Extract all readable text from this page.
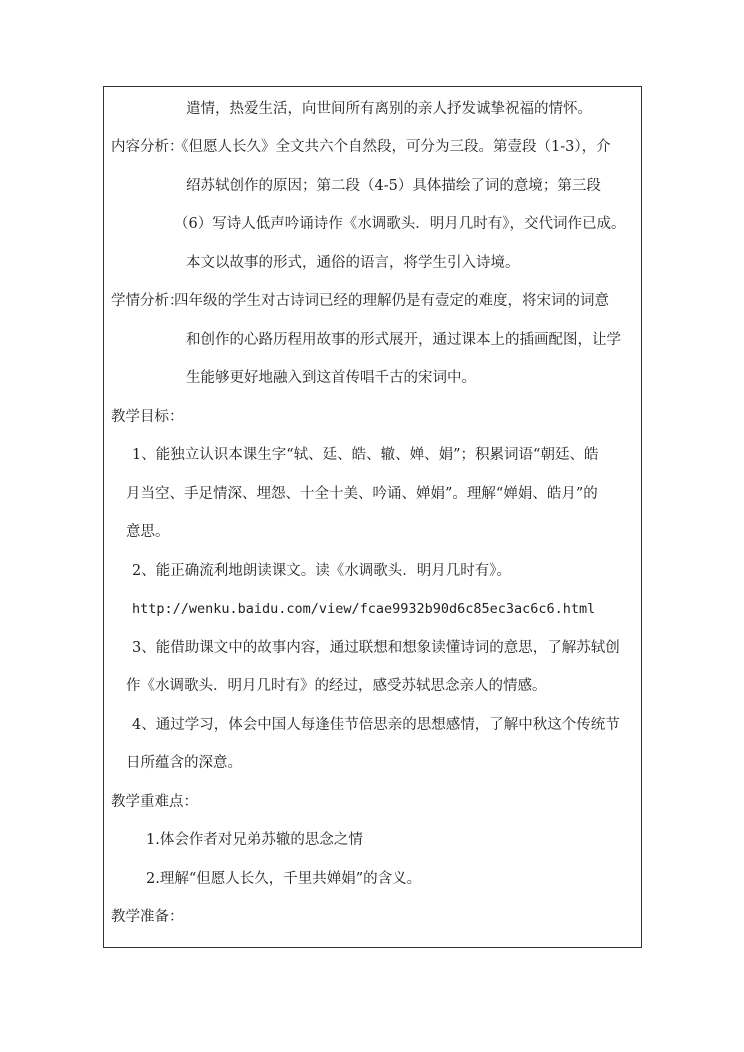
遣情，热爱生活，向世间所有离别的亲人抒发诚挚祝福的情怀。
内容分析：
《但愿人长久》全文共六个自然段，可分为三段。第壹段（1-3），介
绍苏轼创作的原因；第二段（4-5）具体描绘了词的意境；第三段
（6）写诗人低声吟诵诗作《水调歌头．明月几时有》，交代词作已成。
本文以故事的形式，通俗的语言，将学生引入诗境。
学情分析：
四年级的学生对古诗词已经的理解仍是有壹定的难度，将宋词的词意
和创作的心路历程用故事的形式展开，通过课本上的插画配图，让学
生能够更好地融入到这首传唱千古的宋词中。
教学目标：
1、能独立认识本课生字“轼、廷、皓、辙、婵、娟”；积累词语“朝廷、皓
月当空、手足情深、埋怨、十全十美、吟诵、婵娟”。理解“婵娟、皓月”的
意思。
2、能正确流利地朗读课文。读《水调歌头．明月几时有》。
http://wenku.baidu.com/view/fcae9932b90d6c85ec3ac6c6.html
3、能借助课文中的故事内容，通过联想和想象读懂诗词的意思，了解苏轼创
作《水调歌头．明月几时有》的经过，感受苏轼思念亲人的情感。
4、通过学习，体会中国人每逢佳节倍思亲的思想感情，了解中秋这个传统节
日所蕴含的深意。
教学重难点：
1.体会作者对兄弟苏辙的思念之情
2.理解“但愿人长久，千里共婵娟”的含义。
教学准备：
